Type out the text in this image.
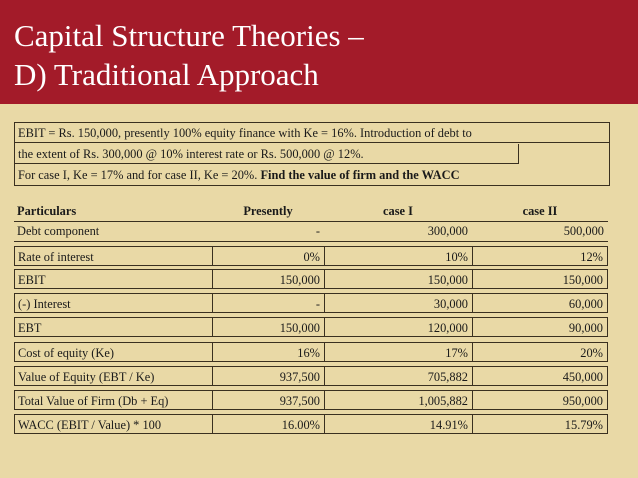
Capital Structure Theories –
D) Traditional Approach
EBIT = Rs. 150,000, presently 100% equity finance with Ke = 16%. Introduction of debt to
the extent of Rs. 300,000 @ 10% interest rate or Rs. 500,000 @ 12%.
For case I, Ke = 17% and for case II, Ke = 20%. Find the value of firm and the WACC
Particulars	Presently	case I	case II
Debt component	-	300,000	500,000
Rate of interest	0%	10%	12%
EBIT	150,000	150,000	150,000
(-) Interest	-	30,000	60,000
EBT	150,000	120,000	90,000
Cost of equity (Ke)	16%	17%	20%
Value of Equity (EBT / Ke)	937,500	705,882	450,000
Total Value of Firm (Db + Eq)	937,500	1,005,882	950,000
WACC (EBIT / Value) * 100	16.00%	14.91%	15.79%
